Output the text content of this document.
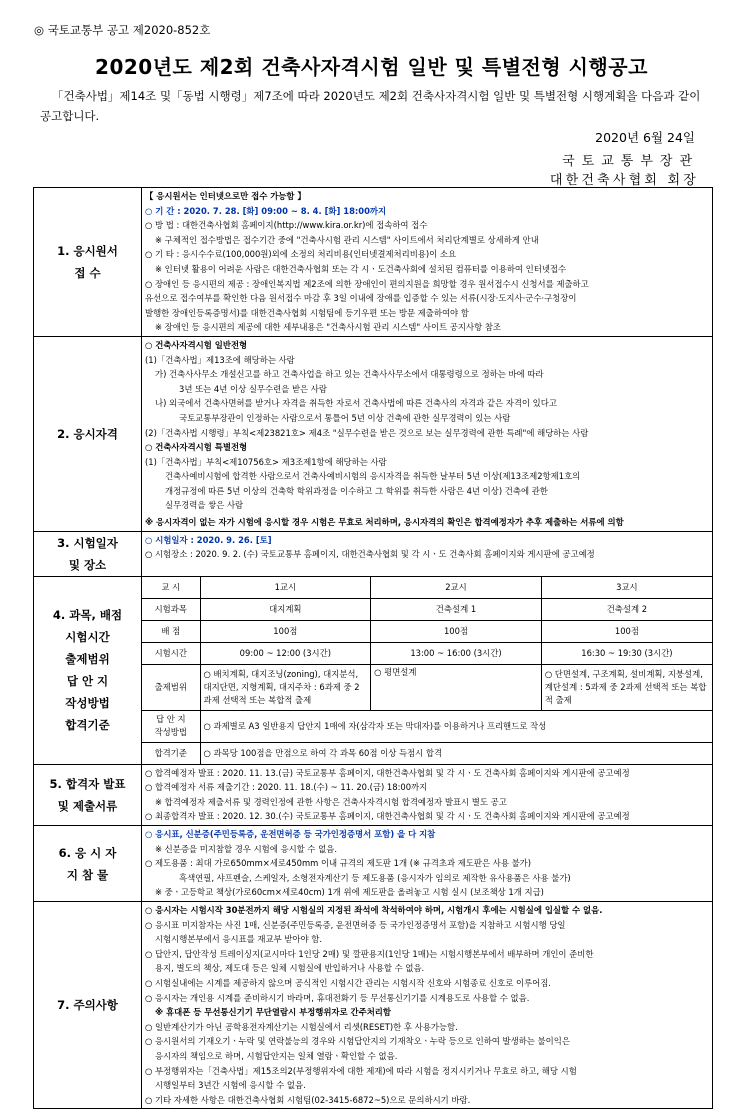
◎ 국토교통부 공고 제2020-852호
2020년도 제2회 건축사자격시험 일반 및 특별전형 시행공고
「건축사법」제14조 및「동법 시행령」제7조에 따라 2020년도 제2회 건축사자격시험 일반 및 특별전형 시행계획을 다음과 같이 공고합니다.
2020년 6월 24일
국토교통부장관
대한건축사협회 회장
1. 응시원서
접 수	
【 응시원서는 인터넷으로만 접수 가능함 】
○ 기 간 : 2020. 7. 28. [화] 09:00 ~ 8. 4. [화] 18:00까지
○ 방 법 : 대한건축사협회 홈페이지(http://www.kira.or.kr)에 접속하여 접수
※ 구체적인 접수방법은 접수기간 중에 "건축사시험 관리 시스템" 사이트에서 처리단계별로 상세하게 안내
○ 기 타 : 응시수수료(100,000원)외에 소정의 처리비용(인터넷결제처리비용)이 소요
※ 인터넷 활용이 어려운 사람은 대한건축사협회 또는 각 시ㆍ도건축사회에 설치된 컴퓨터를 이용하여 인터넷접수
○ 장애인 등 응시편의 제공 : 장애인복지법 제2조에 의한 장애인이 편의지원을 희망할 경우 원서접수시 신청서를 제출하고
유선으로 접수여부를 확인한 다음 원서접수 마감 후 3일 이내에 장애를 입증할 수 있는 서류(시장·도지사·군수·구청장이
발행한 장애인등록증명서)를 대한건축사협회 시험팀에 등기우편 또는 방문 제출하여야 함
※ 장애인 등 응시편의 제공에 대한 세부내용은 "건축사시험 관리 시스템" 사이트 공지사항 참조

2. 응시자격	
○ 건축사자격시험 일반전형
(1)「건축사법」제13조에 해당하는 사람
가) 건축사사무소 개설신고를 하고 건축사업을 하고 있는 건축사사무소에서 대통령령으로 정하는 바에 따라
3년 또는 4년 이상 실무수련을 받은 사람
나) 외국에서 건축사면허를 받거나 자격을 취득한 자로서 건축사법에 따른 건축사의 자격과 같은 자격이 있다고
국토교통부장관이 인정하는 사람으로서 통틀어 5년 이상 건축에 관한 실무경력이 있는 사람
(2)「건축사법 시행령」부칙<제23821호> 제4조 "실무수련을 받은 것으로 보는 실무경력에 관한 특례"에 해당하는 사람
○ 건축사자격시험 특별전형
(1)「건축사법」부칙<제10756호> 제3조제1항에 해당하는 사람
건축사예비시험에 합격한 사람으로서 건축사예비시험의 응시자격을 취득한 날부터 5년 이상(제13조제2항제1호의
개정규정에 따른 5년 이상의 건축학 학위과정을 이수하고 그 학위를 취득한 사람은 4년 이상) 건축에 관한
실무경력을 쌓은 사람
※ 응시자격이 없는 자가 시험에 응시할 경우 시험은 무효로 처리하며, 응시자격의 확인은 합격예정자가 추후 제출하는 서류에 의함

3. 시험일자
및 장소	
○ 시험일자 : 2020. 9. 26. [토]
○ 시험장소 : 2020. 9. 2. (수) 국토교통부 홈페이지, 대한건축사협회 및 각 시ㆍ도 건축사회 홈페이지와 게시판에 공고예정

4. 과목, 배점
시험시간
출제범위
답 안 지
작성방법
합격기준	
교 시	1교시	2교시	3교시
시험과목	대지계획	건축설계 1	건축설계 2
배 점	100점	100점	100점
시험시간	09:00 ~ 12:00 (3시간)	13:00 ~ 16:00 (3시간)	16:30 ~ 19:30 (3시간)
출제범위	○ 배치계획, 대지조닝(zoning), 대지분석, 대지단면, 지형계획, 대지주차 : 6과제 중 2과제 선택적 또는 복합적 출제	○ 평면설계	○ 단면설계, 구조계획, 설비계획, 지붕설계, 계단설계 : 5과제 중 2과제 선택적 또는 복합적 출제
답 안 지
작성방법	○ 과제별로 A3 일반용지 답안지 1매에 자(삼각자 또는 막대자)를 이용하거나 프리핸드로 작성
합격기준	○ 과목당 100점을 만점으로 하여 각 과목 60점 이상 득점시 합격

5. 합격자 발표
및 제출서류	
○ 합격예정자 발표 : 2020. 11. 13.(금) 국토교통부 홈페이지, 대한건축사협회 및 각 시ㆍ도 건축사회 홈페이지와 게시판에 공고예정
○ 합격예정자 서류 제출기간 : 2020. 11. 18.(수) ~ 11. 20.(금) 18:00까지
※ 합격예정자 제출서류 및 경력인정에 관한 사항은 건축사자격시험 합격예정자 발표시 별도 공고
○ 최종합격자 발표 : 2020. 12. 30.(수) 국토교통부 홈페이지, 대한건축사협회 및 각 시ㆍ도 건축사회 홈페이지와 게시판에 공고예정

6. 응 시 자
지 참 물	
○ 응시표, 신분증(주민등록증, 운전면허증 등 국가인정증명서 포함) 을 다 지참
※ 신분증을 미지참할 경우 시험에 응시할 수 없음.
○ 제도용품 : 최대 가로650mm×세로450mm 이내 규격의 제도판 1개 (※ 규격초과 제도판은 사용 불가)
흑색연필, 샤프펜슬, 스케일자, 소형전자계산기 등 제도용품 (응시자가 임의로 제작한 유사용품은 사용 불가)
※ 중ㆍ고등학교 책상(가로60cm×세로40cm) 1개 위에 제도판을 올려놓고 시험 실시 (보조책상 1개 지급)

7. 주의사항	
○ 응시자는 시험시작 30분전까지 해당 시험실의 지정된 좌석에 착석하여야 하며, 시험개시 후에는 시험실에 입실할 수 없음.
○ 응시표 미지참자는 사진 1매, 신분증(주민등록증, 운전면허증 등 국가인정증명서 포함)을 지참하고 시험시행 당일
시험시행본부에서 응시표를 재교부 받아야 함.
○ 답안지, 답안작성 트레이싱지(교시마다 1인당 2매) 및 깔판용지(1인당 1매)는 시험시행본부에서 배부하며 개인이 준비한
용지, 별도의 책상, 제도대 등은 일체 시험실에 반입하거나 사용할 수 없음.
○ 시험실내에는 시계를 제공하지 않으며 공식적인 시험시간 관리는 시험시작 신호와 시험종료 신호로 이루어짐.
○ 응시자는 개인용 시계를 준비하시기 바라며, 휴대전화기 등 무선통신기기를 시계용도로 사용할 수 없음.
※ 휴대폰 등 무선통신기기 무단열람시 부정행위자로 간주처리함
○ 일반계산기가 아닌 공학용전자계산기는 시험실에서 리셋(RESET)한 후 사용가능함.
○ 응시원서의 기재오기ㆍ누락 및 연락불능의 경우와 시험답안지의 기재착오ㆍ누락 등으로 인하여 발생하는 불이익은
응시자의 책임으로 하며, 시험답안지는 일체 열람ㆍ확인할 수 없음.
○ 부정행위자는「건축사법」제15조의2(부정행위자에 대한 제재)에 따라 시험을 정지시키거나 무효로 하고, 해당 시험
시행일부터 3년간 시험에 응시할 수 없음.
○ 기타 자세한 사항은 대한건축사협회 시험팀(02-3415-6872~5)으로 문의하시기 바람.
